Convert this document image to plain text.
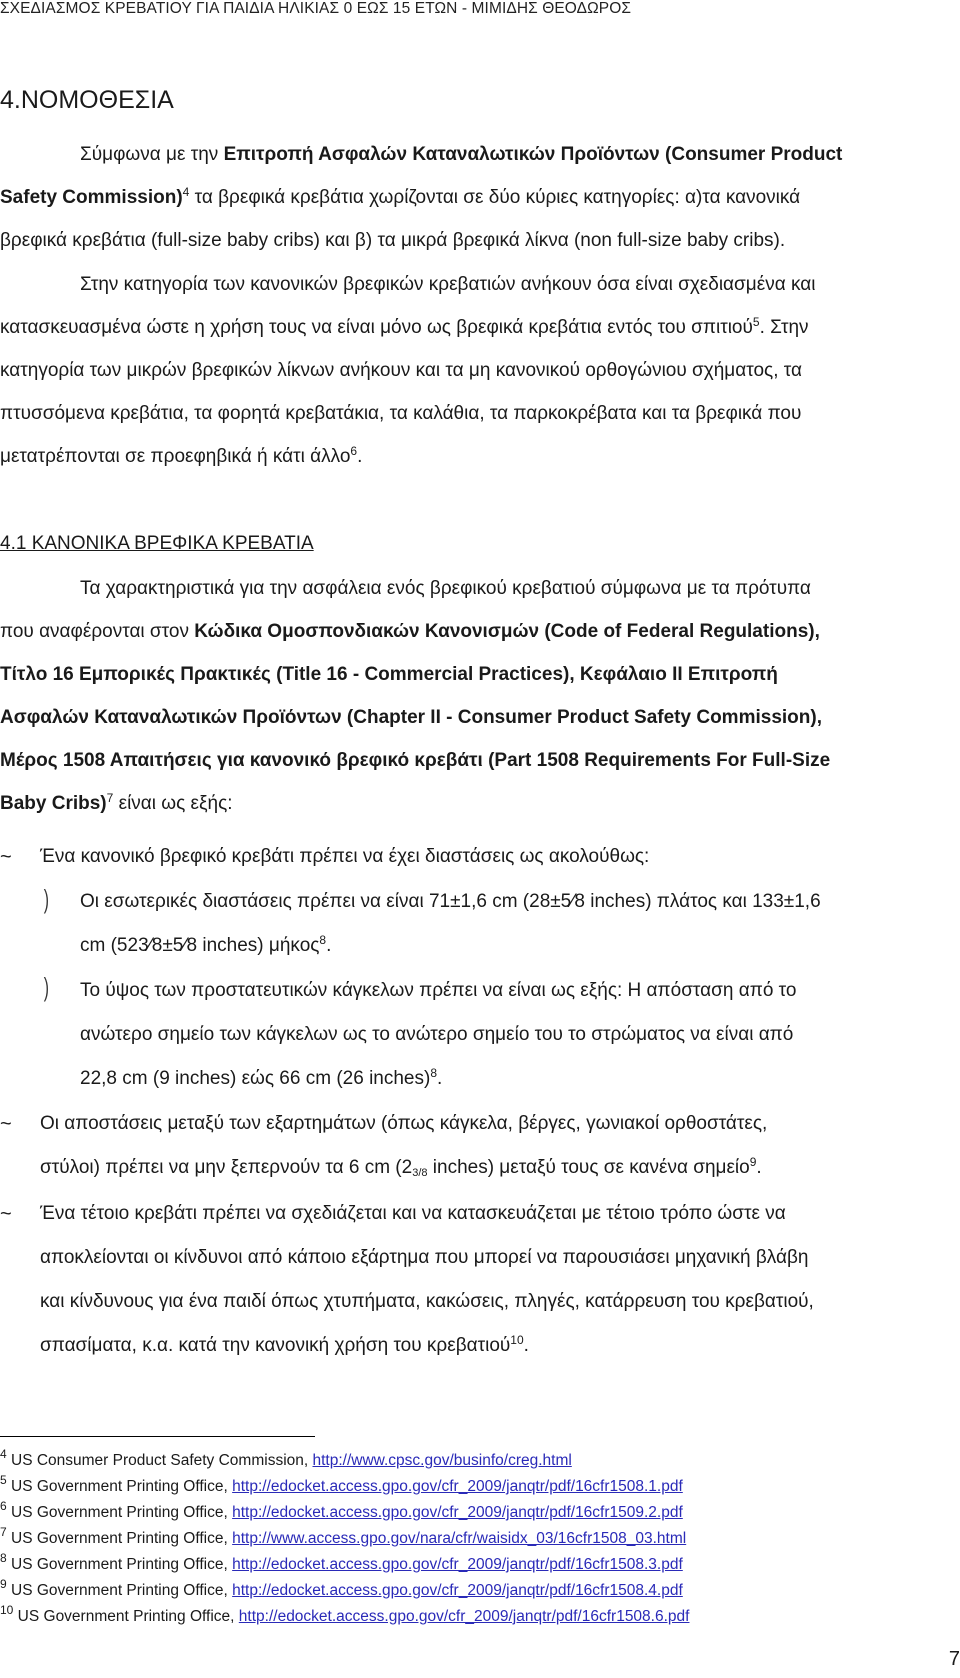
ΣΧΕΔΙΑΣΜΟΣ ΚΡΕΒΑΤΙΟΥ ΓΙΑ ΠΑΙΔΙΑ ΗΛΙΚΙΑΣ 0 ΕΩΣ 15 ΕΤΩΝ - ΜΙΜΙΔΗΣ ΘΕΟΔΩΡΟΣ
4.ΝΟΜΟΘΕΣΙΑ
Σύμφωνα με την Επιτροπή Ασφαλών Καταναλωτικών Προϊόντων (Consumer Product
Safety Commission)$^4$ τα βρεφικά κρεβάτια χωρίζονται σε δύο κύριες κατηγορίες: α)τα κανονικά
βρεφικά κρεβάτια (full-size baby cribs) και β) τα μικρά βρεφικά λίκνα (non full-size baby cribs).
Στην κατηγορία των κανονικών βρεφικών κρεβατιών ανήκουν όσα είναι σχεδιασμένα και
κατασκευασμένα ώστε η χρήση τους να είναι μόνο ως βρεφικά κρεβάτια εντός του σπιτιού$^5$. Στην
κατηγορία των μικρών βρεφικών λίκνων ανήκουν και τα μη κανονικού ορθογώνιου σχήματος, τα
πτυσσόμενα κρεβάτια, τα φορητά κρεβατάκια, τα καλάθια, τα παρκοκρέβατα και τα βρεφικά που
μετατρέπονται σε προεφηβικά ή κάτι άλλο$^6$.
4.1 ΚΑΝΟΝΙΚΑ ΒΡΕΦΙΚΑ ΚΡΕΒΑΤΙΑ
Τα χαρακτηριστικά για την ασφάλεια ενός βρεφικού κρεβατιού σύμφωνα με τα πρότυπα
που αναφέρονται στον Κώδικα Ομοσπονδιακών Κανονισμών (Code of Federal Regulations),
Τίτλο 16 Εμπορικές Πρακτικές (Title 16 - Commercial Practices), Κεφάλαιο ΙΙ Επιτροπή
Ασφαλών Καταναλωτικών Προϊόντων (Chapter II - Consumer Product Safety Commission),
Μέρος 1508 Απαιτήσεις για κανονικό βρεφικό κρεβάτι (Part 1508 Requirements For Full-Size
Baby Cribs)$^7$ είναι ως εξής:
~ Ένα κανονικό βρεφικό κρεβάτι πρέπει να έχει διαστάσεις ως ακολούθως:
) Οι εσωτερικές διαστάσεις πρέπει να είναι 71±1,6 cm (28±5⁄8 inches) πλάτος και 133±1,6
cm (523⁄8±5⁄8 inches) μήκος$^8$.
) Το ύψος των προστατευτικών κάγκελων πρέπει να είναι ως εξής: Η απόσταση από το
ανώτερο σημείο των κάγκελων ως το ανώτερο σημείο του το στρώματος να είναι από
22,8 cm (9 inches) εώς 66 cm (26 inches)$^8$.
~ Οι αποστάσεις μεταξύ των εξαρτημάτων (όπως κάγκελα, βέργες, γωνιακοί ορθοστάτες,
στύλοι) πρέπει να μην ξεπερνούν τα 6 cm ($2_{3/8}$ inches) μεταξύ τους σε κανένα σημείο$^9$.
~ Ένα τέτοιο κρεβάτι πρέπει να σχεδιάζεται και να κατασκευάζεται με τέτοιο τρόπο ώστε να
αποκλείονται οι κίνδυνοι από κάποιο εξάρτημα που μπορεί να παρουσιάσει μηχανική βλάβη
και κίνδυνους για ένα παιδί όπως χτυπήματα, κακώσεις, πληγές, κατάρρευση του κρεβατιού,
σπασίματα, κ.α. κατά την κανονική χρήση του κρεβατιού$^{10}$.
$^4$ US Consumer Product Safety Commission, http://www.cpsc.gov/businfo/creg.html
$^5$ US Government Printing Office, http://edocket.access.gpo.gov/cfr_2009/janqtr/pdf/16cfr1508.1.pdf
$^6$ US Government Printing Office, http://edocket.access.gpo.gov/cfr_2009/janqtr/pdf/16cfr1509.2.pdf
$^7$ US Government Printing Office, http://www.access.gpo.gov/nara/cfr/waisidx_03/16cfr1508_03.html
$^8$ US Government Printing Office, http://edocket.access.gpo.gov/cfr_2009/janqtr/pdf/16cfr1508.3.pdf
$^9$ US Government Printing Office, http://edocket.access.gpo.gov/cfr_2009/janqtr/pdf/16cfr1508.4.pdf
$^{10}$ US Government Printing Office, http://edocket.access.gpo.gov/cfr_2009/janqtr/pdf/16cfr1508.6.pdf
7
